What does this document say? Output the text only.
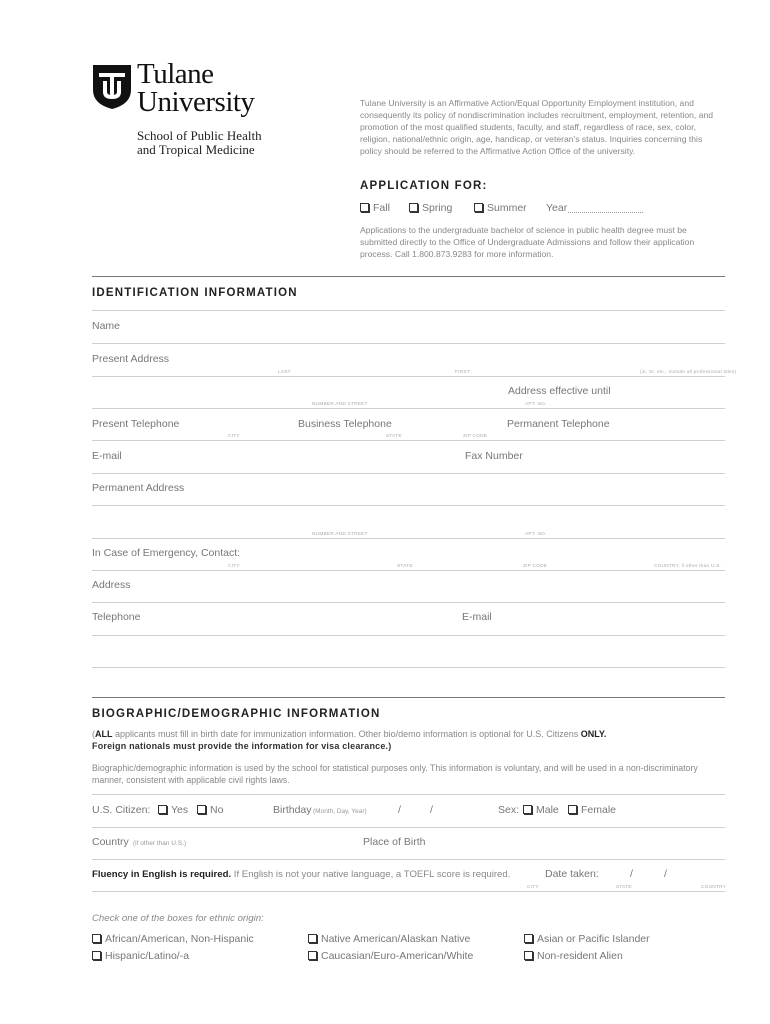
Tulane
University
School of Public Health
and Tropical Medicine
Tulane University is an Affirmative Action/Equal Opportunity Employment institution, and consequently its policy of nondiscrimination includes recruitment, employment, retention, and promotion of the most qualified students, faculty, and staff, regardless of race, sex, color, religion, national/ethnic origin, age, handicap, or veteran's status. Inquiries concerning this policy should be referred to the Affirmative Action Office of the university.
APPLICATION FOR:
Fall	Spring	Summer Year
Applications to the undergraduate bachelor of science in public health degree must be submitted directly to the Office of Undergraduate Admissions and follow their application process. Call 1.800.873.9283 for more information.
IDENTIFICATION INFORMATION
Name
Present Address
LAST	FIRST	(Jr, Sr, etc.; include all professional titles)
Address effective until
NUMBER AND STREET	APT. NO.
Present Telephone	Business Telephone	Permanent Telephone
CITY	STATE	ZIP CODE
E-mail	Fax Number
Permanent Address
NUMBER AND STREET	APT. NO.
In Case of Emergency, Contact:
CITY	STATE	ZIP CODE	COUNTRY, if other than U.S.
Address
Telephone	E-mail
BIOGRAPHIC/DEMOGRAPHIC INFORMATION
(ALL applicants must fill in birth date for immunization information. Other bio/demo information is optional for U.S. Citizens ONLY.
Foreign nationals must provide the information for visa clearance.)
Biographic/demographic information is used by the school for statistical purposes only. This information is voluntary, and will be used in a non-discriminatory manner, consistent with applicable civil rights laws.
U.S. Citizen:	Yes	No	Birthday (Month, Day, Year)	/	/	Sex:	Male	Female
Country (if other than U.S.)	Place of Birth
Fluency in English is required. If English is not your native language, a TOEFL score is required.	Date taken:	/	/
CITY	STATE	COUNTRY
Check one of the boxes for ethnic origin:
African/American, Non-Hispanic	Native American/Alaskan Native	Asian or Pacific Islander
Hispanic/Latino/-a	Caucasian/Euro-American/White	Non-resident Alien
